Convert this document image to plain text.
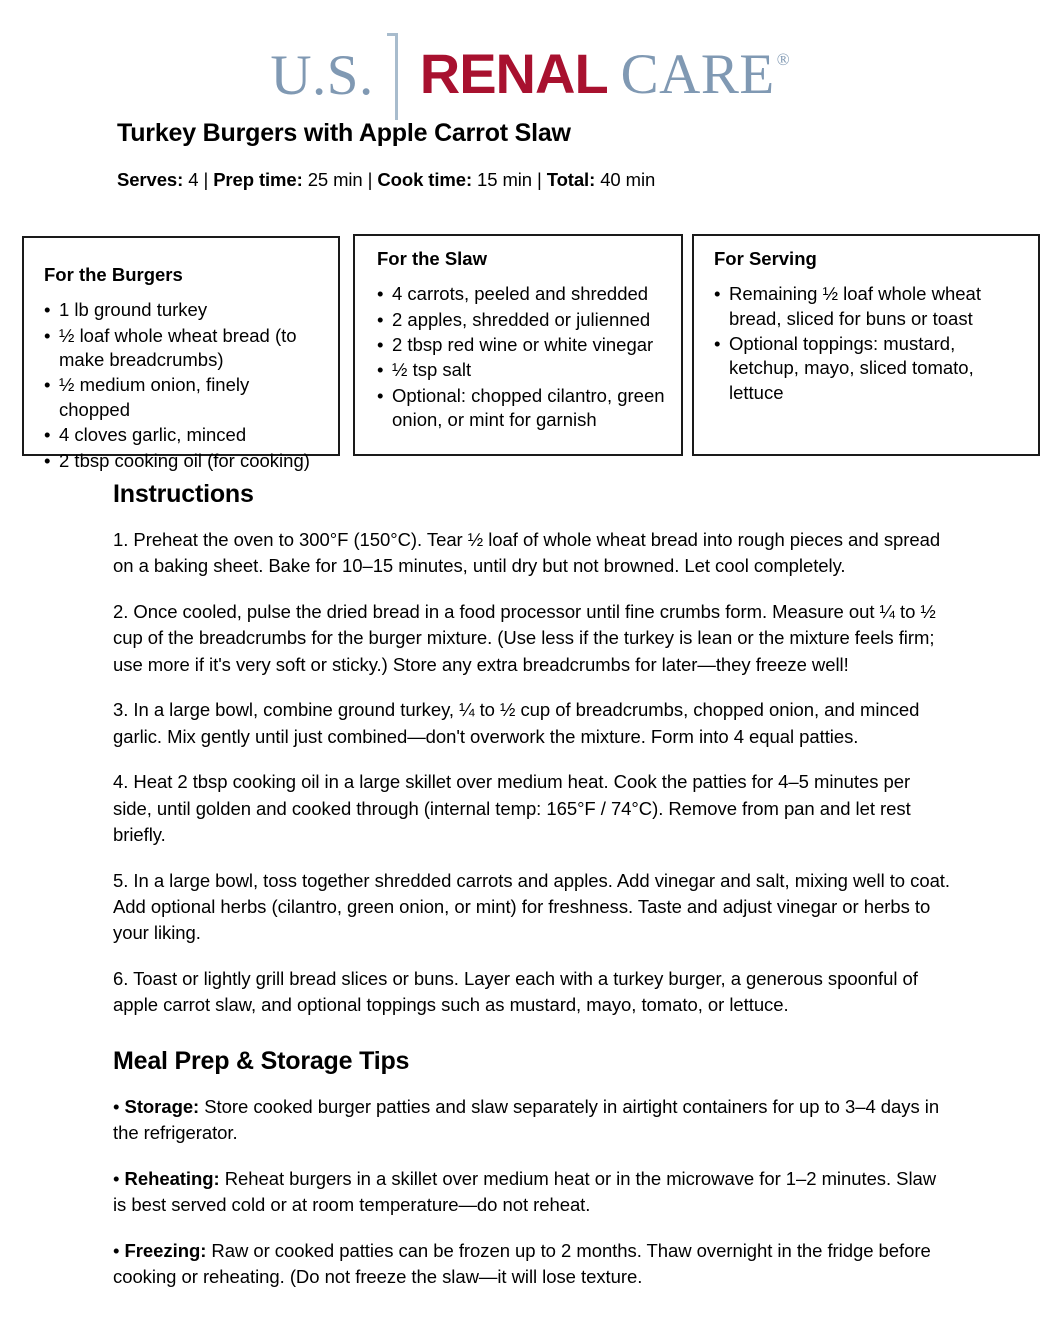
U.S. RENAL CARE ®
Turkey Burgers with Apple Carrot Slaw
Serves: 4 | Prep time: 25 min | Cook time: 15 min | Total: 40 min
For the Burgers
• 1 lb ground turkey
• ½ loaf whole wheat bread (to make breadcrumbs)
• ½ medium onion, finely chopped
• 4 cloves garlic, minced
• 2 tbsp cooking oil (for cooking)
For the Slaw
• 4 carrots, peeled and shredded
• 2 apples, shredded or julienned
• 2 tbsp red wine or white vinegar
• ½ tsp salt
• Optional: chopped cilantro, green onion, or mint for garnish
For Serving
• Remaining ½ loaf whole wheat bread, sliced for buns or toast
• Optional toppings: mustard, ketchup, mayo, sliced tomato, lettuce
Instructions

1. Preheat the oven to 300°F (150°C). Tear ½ loaf of whole wheat bread into rough pieces and spread on a baking sheet. Bake for 10–15 minutes, until dry but not browned. Let cool completely.

2. Once cooled, pulse the dried bread in a food processor until fine crumbs form. Measure out ¼ to ½ cup of the breadcrumbs for the burger mixture. (Use less if the turkey is lean or the mixture feels firm; use more if it's very soft or sticky.) Store any extra breadcrumbs for later—they freeze well!

3. In a large bowl, combine ground turkey, ¼ to ½ cup of breadcrumbs, chopped onion, and minced garlic. Mix gently until just combined—don't overwork the mixture. Form into 4 equal patties.

4. Heat 2 tbsp cooking oil in a large skillet over medium heat. Cook the patties for 4–5 minutes per side, until golden and cooked through (internal temp: 165°F / 74°C). Remove from pan and let rest briefly.

5. In a large bowl, toss together shredded carrots and apples. Add vinegar and salt, mixing well to coat. Add optional herbs (cilantro, green onion, or mint) for freshness. Taste and adjust vinegar or herbs to your liking.

6. Toast or lightly grill bread slices or buns. Layer each with a turkey burger, a generous spoonful of apple carrot slaw, and optional toppings such as mustard, mayo, tomato, or lettuce.

Meal Prep & Storage Tips

• Storage: Store cooked burger patties and slaw separately in airtight containers for up to 3–4 days in the refrigerator.

• Reheating: Reheat burgers in a skillet over medium heat or in the microwave for 1–2 minutes. Slaw is best served cold or at room temperature—do not reheat.

• Freezing: Raw or cooked patties can be frozen up to 2 months. Thaw overnight in the fridge before cooking or reheating. (Do not freeze the slaw—it will lose texture.
